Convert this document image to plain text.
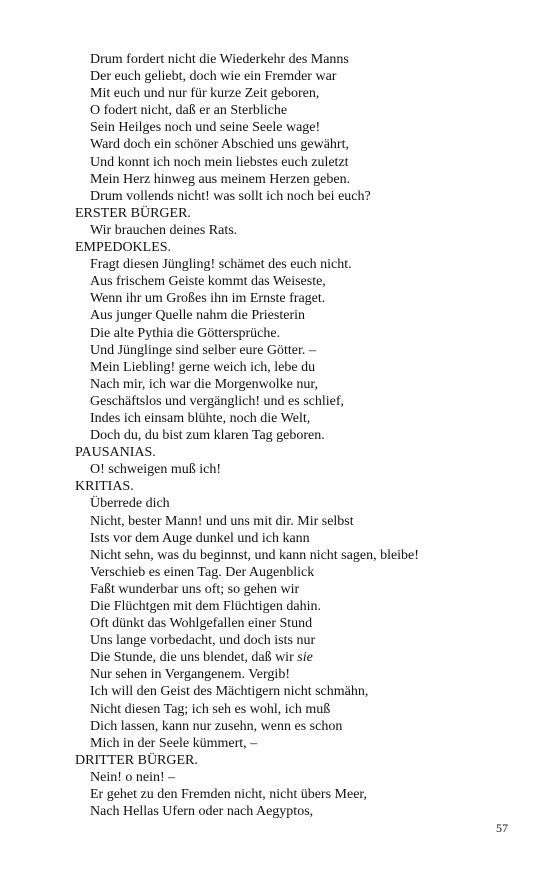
Drum fordert nicht die Wiederkehr des Manns
Der euch geliebt, doch wie ein Fremder war
Mit euch und nur für kurze Zeit geboren,
O fodert nicht, daß er an Sterbliche
Sein Heilges noch und seine Seele wage!
Ward doch ein schöner Abschied uns gewährt,
Und konnt ich noch mein liebstes euch zuletzt
Mein Herz hinweg aus meinem Herzen geben.
Drum vollends nicht! was sollt ich noch bei euch?
ERSTER BÜRGER.
Wir brauchen deines Rats.
EMPEDOKLES.
Fragt diesen Jüngling! schämet des euch nicht.
Aus frischem Geiste kommt das Weiseste,
Wenn ihr um Großes ihn im Ernste fraget.
Aus junger Quelle nahm die Priesterin
Die alte Pythia die Göttersprüche.
Und Jünglinge sind selber eure Götter. –
Mein Liebling! gerne weich ich, lebe du
Nach mir, ich war die Morgenwolke nur,
Geschäftslos und vergänglich! und es schlief,
Indes ich einsam blühte, noch die Welt,
Doch du, du bist zum klaren Tag geboren.
PAUSANIAS.
O! schweigen muß ich!
KRITIAS.
Überrede dich
Nicht, bester Mann! und uns mit dir. Mir selbst
Ists vor dem Auge dunkel und ich kann
Nicht sehn, was du beginnst, und kann nicht sagen, bleibe!
Verschieb es einen Tag. Der Augenblick
Faßt wunderbar uns oft; so gehen wir
Die Flüchtgen mit dem Flüchtigen dahin.
Oft dünkt das Wohlgefallen einer Stund
Uns lange vorbedacht, und doch ists nur
Die Stunde, die uns blendet, daß wir sie
Nur sehen in Vergangenem. Vergib!
Ich will den Geist des Mächtigern nicht schmähn,
Nicht diesen Tag; ich seh es wohl, ich muß
Dich lassen, kann nur zusehn, wenn es schon
Mich in der Seele kümmert, –
DRITTER BÜRGER.
Nein! o nein! –
Er gehet zu den Fremden nicht, nicht übers Meer,
Nach Hellas Ufern oder nach Aegyptos,
57
